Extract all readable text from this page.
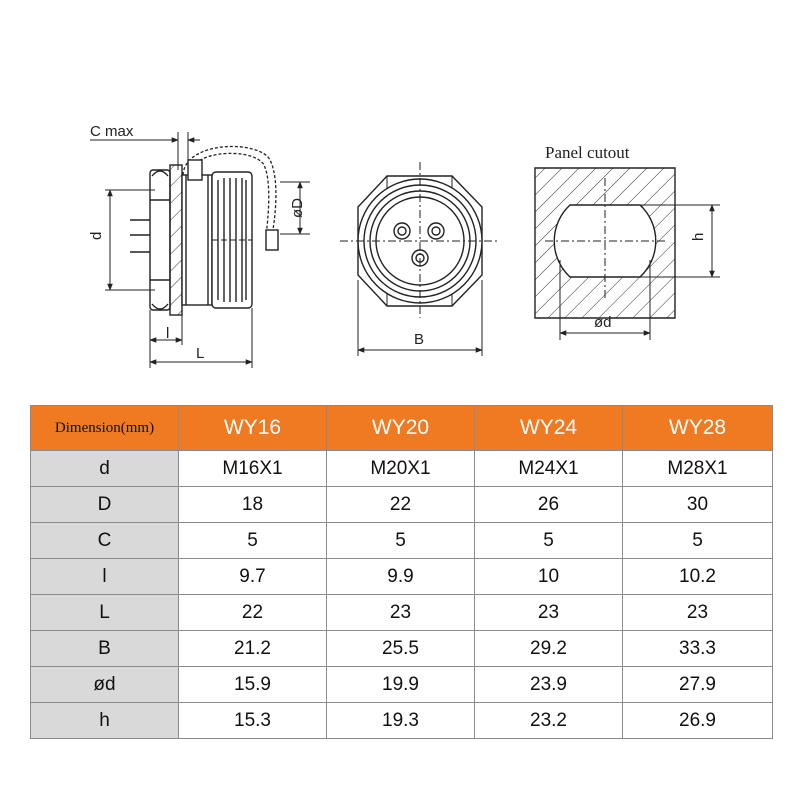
C max
d
øD
l
L
B
Panel cutout
h
ød
Dimension(mm)	WY16	WY20	WY24	WY28
d	M16X1	M20X1	M24X1	M28X1
D	18	22	26	30
C	5	5	5	5
l	9.7	9.9	10	10.2
L	22	23	23	23
B	21.2	25.5	29.2	33.3
ød	15.9	19.9	23.9	27.9
h	15.3	19.3	23.2	26.9
